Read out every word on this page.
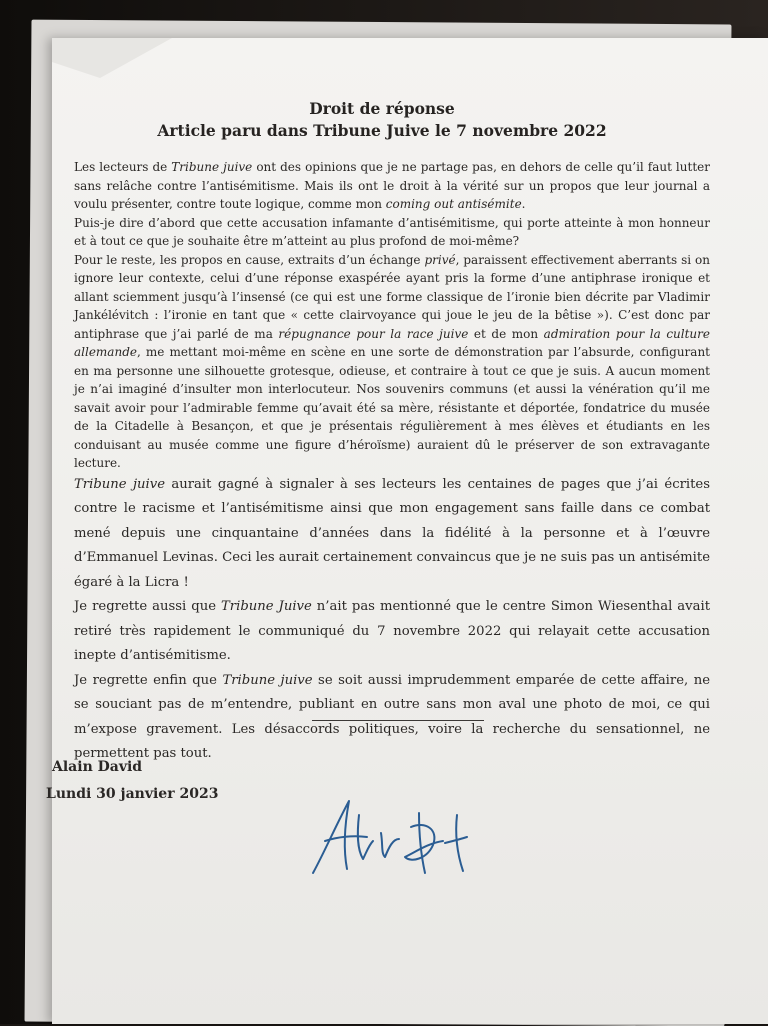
Droit de réponse
Article paru dans Tribune Juive le 7 novembre 2022

Les lecteurs de Tribune juive ont des opinions que je ne partage pas, en dehors de celle qu’il faut lutter sans relâche contre l’antisémitisme. Mais ils ont le droit à la vérité sur un propos que leur journal a voulu présenter, contre toute logique, comme mon coming out antisémite.

Puis-je dire d’abord que cette accusation infamante d’antisémitisme, qui porte atteinte à mon honneur et à tout ce que je souhaite être m’atteint au plus profond de moi-même?

Pour le reste, les propos en cause, extraits d’un échange privé, paraissent effectivement aberrants si on ignore leur contexte, celui d’une réponse exaspérée ayant pris la forme d’une antiphrase ironique et allant sciemment jusqu’à l’insensé (ce qui est une forme classique de l’ironie bien décrite par Vladimir Jankélévitch : l’ironie en tant que « cette clairvoyance qui joue le jeu de la bêtise »). C’est donc par antiphrase que j’ai parlé de ma répugnance pour la race juive et de mon admiration pour la culture allemande, me mettant moi-même en scène en une sorte de démonstration par l’absurde, configurant en ma personne une silhouette grotesque, odieuse, et contraire à tout ce que je suis. A aucun moment je n’ai imaginé d’insulter mon interlocuteur. Nos souvenirs communs (et aussi la vénération qu’il me savait avoir pour l’admirable femme qu’avait été sa mère, résistante et déportée, fondatrice du musée de la Citadelle à Besançon, et que je présentais régulièrement à mes élèves et étudiants en les conduisant au musée comme une figure d’héroïsme) auraient dû le préserver de son extravagante lecture.

Tribune juive aurait gagné à signaler à ses lecteurs les centaines de pages que j’ai écrites contre le racisme et l’antisémitisme ainsi que mon engagement sans faille dans ce combat mené depuis une cinquantaine d’années dans la fidélité à la personne et à l’œuvre d’Emmanuel Levinas. Ceci les aurait certainement convaincus que je ne suis pas un antisémite égaré à la Licra !

Je regrette aussi que Tribune Juive n’ait pas mentionné que le centre Simon Wiesenthal avait retiré très rapidement le communiqué du 7 novembre 2022 qui relayait cette accusation inepte d’antisémitisme.

Je regrette enfin que Tribune juive se soit aussi imprudemment emparée de cette affaire, ne se souciant pas de m’entendre, publiant en outre sans mon aval une photo de moi, ce qui m’expose gravement. Les désaccords politiques, voire la recherche du sensationnel, ne permettent pas tout.

Alain David
Lundi 30 janvier 2023
